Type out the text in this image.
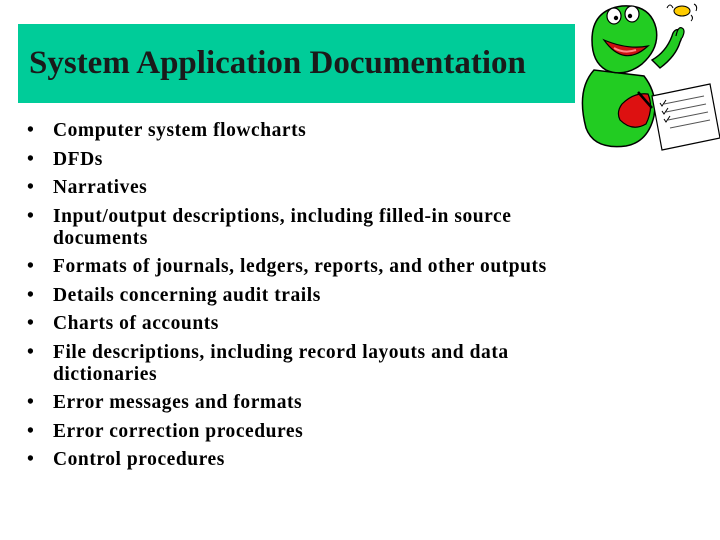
System Application Documentation
• Computer system flowcharts
• DFDs
• Narratives
• Input/output descriptions, including filled-in source
documents
• Formats of journals, ledgers, reports, and other outputs
• Details concerning audit trails
• Charts of accounts
• File descriptions, including record layouts and data
dictionaries
• Error messages and formats
• Error correction procedures
• Control procedures
